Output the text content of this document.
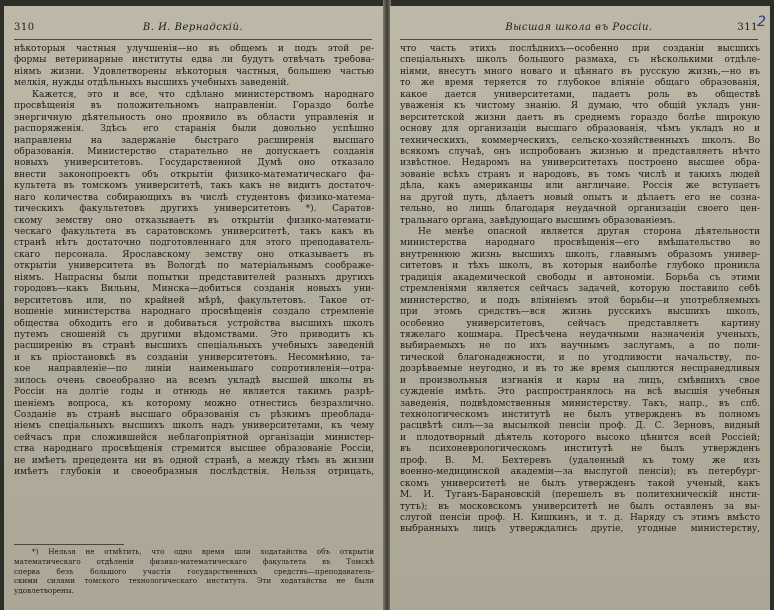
310	В. И. Вернадскiй.
нѣкоторыя частныя улучшенiя—но въ общемъ и подъ этой ре-
формы ветеринарные институты едва ли будутъ отвѣчать требова-
нiямъ жизни. Удовлетворены нѣкоторыя частныя, большею частью
мелкiя, нужды отдѣльныхъ высшихъ учебныхъ заведенiй.
Кажется, это и все, что сдѣлано министерствомъ народнаго
просвѣщенiя въ положительномъ направленiи. Гораздо болѣе
энергичную дѣятельность оно проявило въ области управленiя и
распоряженiя. Здѣсь его старанiя были довольно успѣшно
направлены на задержанiе быстраго расширенiя высшаго
образованiя. Министерство старательно не допускаетъ созданiя
новыхъ университетовъ. Государственной Думѣ оно отказало
внести законопроектъ объ открытiи физико-математическаго фа-
культета въ томскомъ университетѣ, такъ какъ не видитъ достаточ-
наго количества собирающихъ въ числѣ студентовъ физико-матема-
тическихъ факультетовъ другихъ университетовъ *). Саратов-
скому земству оно отказываетъ въ открытiи физико-математи-
ческаго факультета въ саратовскомъ университетѣ, такъ какъ въ
странѣ нѣтъ достаточно подготовленнаго для этого преподаватель-
скаго персонала. Ярославскому земству оно отказываетъ въ
открытiи университета въ Вологдѣ по матерiальнымъ соображе-
нiямъ. Напрасны были попытки представителей разныхъ другихъ
городовъ—какъ Вильны, Минска—добиться созданiя новыхъ уни-
верситетовъ или, по крайней мѣрѣ, факультетовъ. Такое от-
ношенiе министерства народнаго просвѣщенiя создало стремленiе
общества обходить его и добиваться устройства высшихъ школъ
путемъ сношенiй съ другими вѣдомствами. Это приводитъ къ
расширенiю въ странѣ высшихъ спецiальныхъ учебныхъ заведенiй
и къ прiостановкѣ въ созданiи университетовъ. Несомнѣнно, та-
кое направленiе—по линiи наименьшаго сопротивленiя—отра-
зилось очень своеобразно на всемъ укладѣ высшей школы въ
Россiи на долгiе годы и отнюдь не является такимъ разрѣ-
шенiемъ вопроса, къ которому можно отнестись безразлично.
Созданiе въ странѣ высшаго образованiя съ рѣзкимъ преоблада-
нiемъ спецiальныхъ высшихъ школъ надъ университетами, къ чему
сейчасъ при сложившейся неблагопрiятной органiзацiи министер-
ства народнаго просвѣщенiя стремится высшее образованiе Россiи,
не имѣетъ прецедента ни въ одной странѣ, а между тѣмъ въ жизни
имѣетъ глубокiя и своеобразныя послѣдствiя. Нельзя отрицать,
*) Нельзя не отмѣтить, что одно время шли ходатайства объ открытiи
математическаго отдѣленiя физико-математическаго факультета въ Томскѣ
сперва безъ большого участiя государственныхъ средствъ—преподаватель-
скими силами томского технологическаго института. Эти ходатайства не были
удовлетворены.
Высшая школа въ Россiи.	311 2
что часть этихъ послѣднихъ—особенно при созданiи высшихъ
спецiальныхъ школъ большого размаха, съ нѣсколькими отдѣле-
нiями, внесутъ много новаго и цѣннаго въ русскую жизнь,—но въ
то же время теряется то глубокое влiянiе общаго образованiя,
какое дается университетами, падаетъ роль въ обществѣ
уваженiя къ чистому знанiю. Я думаю, что общiй укладъ уни-
верситетской жизни даетъ въ среднемъ гораздо болѣе широкую
основу для организацiи высшаго образованiя, чѣмъ укладъ но и
техническихъ, коммерческихъ, сельско-хозяйственныхъ школъ. Во
всякомъ случаѣ, онъ испробованъ жизнью и представляетъ нѣчто
извѣстное. Недаромъ на университетахъ построено высшее обра-
зованiе всѣхъ странъ и народовъ, въ томъ числѣ и такихъ людей
дѣла, какъ американцы или англичане. Россiя же вступаетъ
на другой путь, дѣлаетъ новый опытъ и дѣлаетъ его не созна-
тельно, но лишь благодаря неудачной организацiи своего цен-
тральнаго органа, завѣдующаго высшимъ образованiемъ.
Не менѣе опасной является другая сторона дѣятельности
министерства народнаго просвѣщенiя—его вмѣшательство во
внутреннюю жизнь высшихъ школъ, главнымъ образомъ универ-
ситетовъ и тѣхъ школъ, въ которыя наиболѣе глубоко проникла
традицiя академической свободы и автономiи. Борьба съ этими
стремленiями является сейчасъ задачей, которую поставило себѣ
министерство, и подъ влiянiемъ этой борьбы—и употребляемыхъ
при этомъ средствъ—вся жизнь русскихъ высшихъ школъ,
особенно университетовъ, сейчасъ представляетъ картину
тяжелаго кошмара. Пресѣчена неудачными назначенiя ученыхъ,
выбираемыхъ не по ихъ научнымъ заслугамъ, а по поли-
тической благонадежности, и по угодливости начальству, по-
дозрѣваемые неугодно, и въ то же время сыплются несправедливыя
и произвольныя изгнанiя и кары на лицъ, смѣвшихъ свое
сужденiе имѣть. Это распространялось на всѣ высшiя учебныя
заведенiя, подвѣдомственныя министерству. Такъ, напр., въ спб.
технологическомъ институтѣ не былъ утвержденъ въ полномъ
расцвѣтѣ силъ—за высылкой пенсiи проф. Д. С. Зерновъ, видный
и плодотворный дѣятель которого высоко цѣнится всей Россiей;
въ психоневрологическомъ институтѣ не былъ утвержденъ
проф. В. М. Бехтеревъ (удаленный къ тому же изъ
военно-медицинской академiи—за выслугой пенсiи); въ петербург-
скомъ университетѣ не былъ утвержденъ такой ученый, какъ
М. И. Туганъ-Барановскiй (перешелъ въ политехническiй инсти-
тутъ); въ московскомъ университетѣ не былъ оставленъ за вы-
слугой пенсiи проф. Н. Кишкинъ, и т. д. Наряду съ этимъ вмѣсто
выбранныхъ лицъ утверждались другiе, угодные министерству,
